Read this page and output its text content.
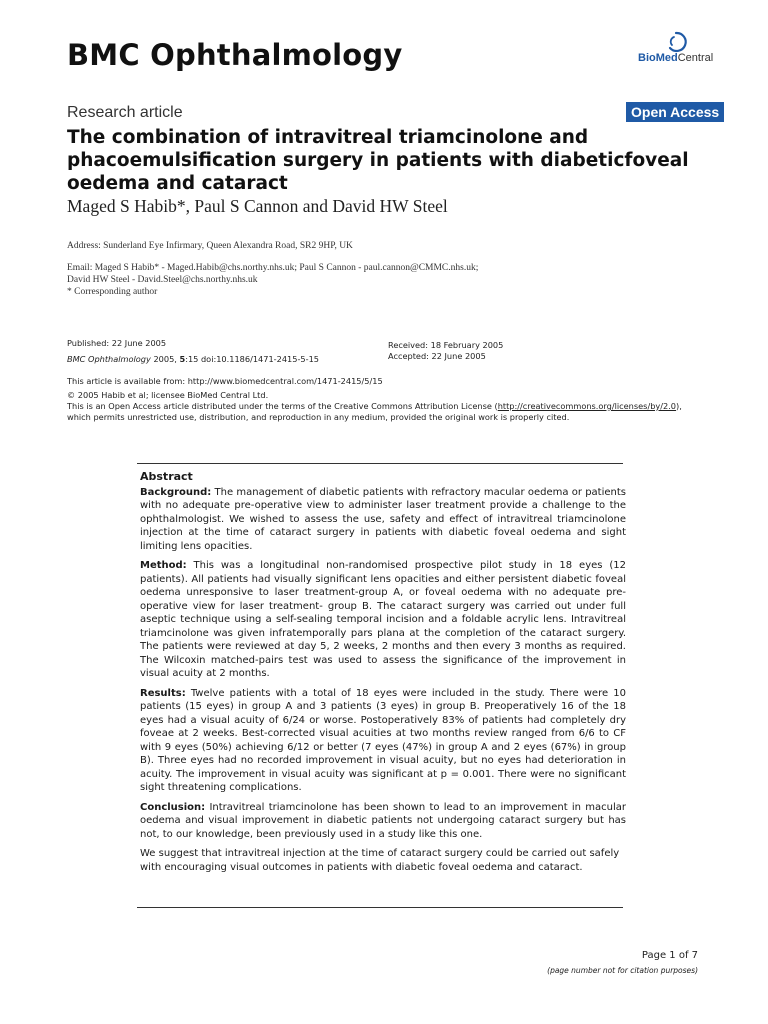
BMC Ophthalmology	BioMedCentral
Research article	Open Access
The combination of intravitreal triamcinolone and phacoemulsification surgery in patients with diabeticfoveal oedema and cataract
Maged S Habib*, Paul S Cannon and David HW Steel

Address: Sunderland Eye Infirmary, Queen Alexandra Road, SR2 9HP, UK

Email: Maged S Habib* - Maged.Habib@chs.northy.nhs.uk; Paul S Cannon - paul.cannon@CMMC.nhs.uk;

David HW Steel - David.Steel@chs.northy.nhs.uk

* Corresponding author

Published: 22 June 2005

BMC Ophthalmology 2005, 5:15 doi:10.1186/1471-2415-5-15

Received: 18 February 2005

Accepted: 22 June 2005

This article is available from: http://www.biomedcentral.com/1471-2415/5/15

© 2005 Habib et al; licensee BioMed Central Ltd.

This is an Open Access article distributed under the terms of the Creative Commons Attribution License (http://creativecommons.org/licenses/by/2.0),

which permits unrestricted use, distribution, and reproduction in any medium, provided the original work is properly cited.

Abstract

Background: The management of diabetic patients with refractory macular oedema or patients with no adequate pre-operative view to administer laser treatment provide a challenge to the ophthalmologist. We wished to assess the use, safety and effect of intravitreal triamcinolone injection at the time of cataract surgery in patients with diabetic foveal oedema and sight limiting lens opacities.

Method: This was a longitudinal non-randomised prospective pilot study in 18 eyes (12 patients). All patients had visually significant lens opacities and either persistent diabetic foveal oedema unresponsive to laser treatment-group A, or foveal oedema with no adequate pre-operative view for laser treatment- group B. The cataract surgery was carried out under full aseptic technique using a self-sealing temporal incision and a foldable acrylic lens. Intravitreal triamcinolone was given infratemporally pars plana at the completion of the cataract surgery. The patients were reviewed at day 5, 2 weeks, 2 months and then every 3 months as required. The Wilcoxin matched-pairs test was used to assess the significance of the improvement in visual acuity at 2 months.

Results: Twelve patients with a total of 18 eyes were included in the study. There were 10 patients (15 eyes) in group A and 3 patients (3 eyes) in group B. Preoperatively 16 of the 18 eyes had a visual acuity of 6/24 or worse. Postoperatively 83% of patients had completely dry foveae at 2 weeks. Best-corrected visual acuities at two months review ranged from 6/6 to CF with 9 eyes (50%) achieving 6/12 or better (7 eyes (47%) in group A and 2 eyes (67%) in group B). Three eyes had no recorded improvement in visual acuity, but no eyes had deterioration in acuity. The improvement in visual acuity was significant at p = 0.001. There were no significant sight threatening complications.

Conclusion: Intravitreal triamcinolone has been shown to lead to an improvement in macular oedema and visual improvement in diabetic patients not undergoing cataract surgery but has not, to our knowledge, been previously used in a study like this one.

We suggest that intravitreal injection at the time of cataract surgery could be carried out safely with encouraging visual outcomes in patients with diabetic foveal oedema and cataract.

Page 1 of 7
(page number not for citation purposes)
